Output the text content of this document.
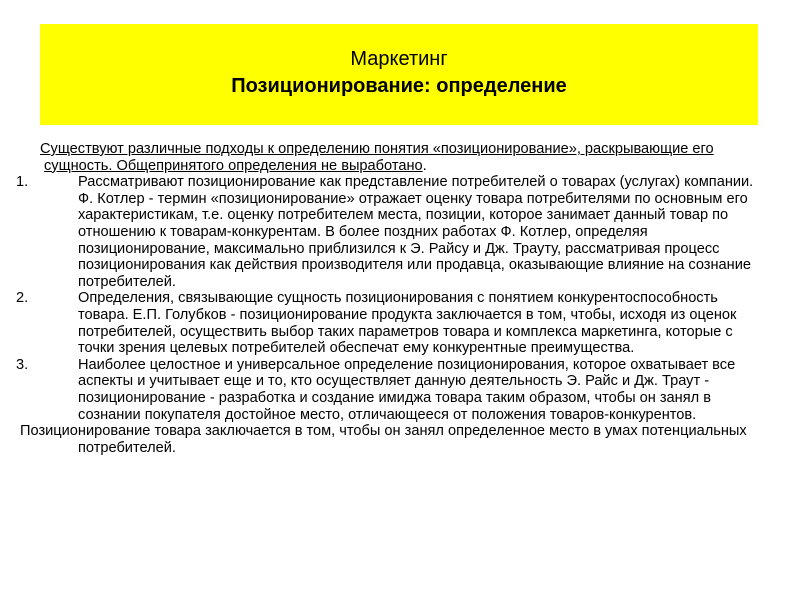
Маркетинг
Позиционирование: определение

Существуют различные подходы к определению понятия «позиционирование», раскрывающие его сущность. Общепринятого определения не выработано.

1.	Рассматривают позиционирование как представление потребителей о товарах (услугах) компании. Ф. Котлер - термин «позиционирование» отражает оценку товара потребителями по основным его характеристикам, т.е. оценку потребителем места, позиции, которое занимает данный товар по отношению к товарам-конкурентам. В более поздних работах Ф. Котлер, определяя позиционирование, максимально приблизился к Э. Райсу и Дж. Трауту, рассматривая процесс позиционирования как действия производителя или продавца, оказывающие влияние на сознание потребителей.
2.	Определения, связывающие сущность позиционирования с понятием конкурентоспособность товара. Е.П. Голубков - позиционирование продукта заключается в том, чтобы, исходя из оценок потребителей, осуществить выбор таких параметров товара и комплекса маркетинга, которые с точки зрения целевых потребителей обеспечат ему конкурентные преимущества.
3.	Наиболее целостное и универсальное определение позиционирования, которое охватывает все аспекты и учитывает еще и то, кто осуществляет данную деятельность Э. Райс и Дж. Траут - позиционирование - разработка и создание имиджа товара таким образом, чтобы он занял в сознании покупателя достойное место, отличающееся от положения товаров-конкурентов.

Позиционирование товара заключается в том, чтобы он занял определенное место в умах потенциальных потребителей.
